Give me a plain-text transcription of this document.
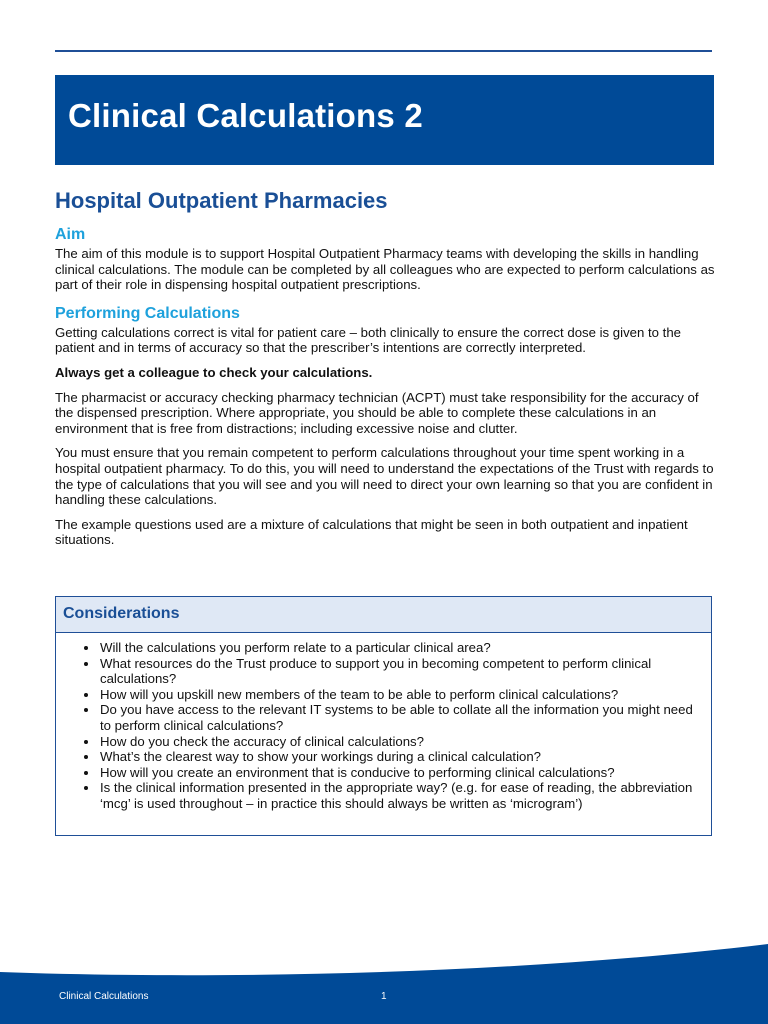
Clinical Calculations 2
Hospital Outpatient Pharmacies
Aim

The aim of this module is to support Hospital Outpatient Pharmacy teams with developing the skills in handling clinical calculations. The module can be completed by all colleagues who are expected to perform calculations as part of their role in dispensing hospital outpatient prescriptions.

Performing Calculations

Getting calculations correct is vital for patient care – both clinically to ensure the correct dose is given to the patient and in terms of accuracy so that the prescriber’s intentions are correctly interpreted.

Always get a colleague to check your calculations.

The pharmacist or accuracy checking pharmacy technician (ACPT) must take responsibility for the accuracy of the dispensed prescription. Where appropriate, you should be able to complete these calculations in an environment that is free from distractions; including excessive noise and clutter.

You must ensure that you remain competent to perform calculations throughout your time spent working in a hospital outpatient pharmacy. To do this, you will need to understand the expectations of the Trust with regards to the type of calculations that you will see and you will need to direct your own learning so that you are confident in handling these calculations.

The example questions used are a mixture of calculations that might be seen in both outpatient and inpatient situations.

Considerations
• Will the calculations you perform relate to a particular clinical area?
• What resources do the Trust produce to support you in becoming competent to perform clinical calculations?
• How will you upskill new members of the team to be able to perform clinical calculations?
• Do you have access to the relevant IT systems to be able to collate all the information you might need to perform clinical calculations?
• How do you check the accuracy of clinical calculations?
• What’s the clearest way to show your workings during a clinical calculation?
• How will you create an environment that is conducive to performing clinical calculations?
• Is the clinical information presented in the appropriate way? (e.g. for ease of reading, the abbreviation ‘mcg’ is used throughout – in practice this should always be written as ‘microgram’)
Clinical Calculations	1
